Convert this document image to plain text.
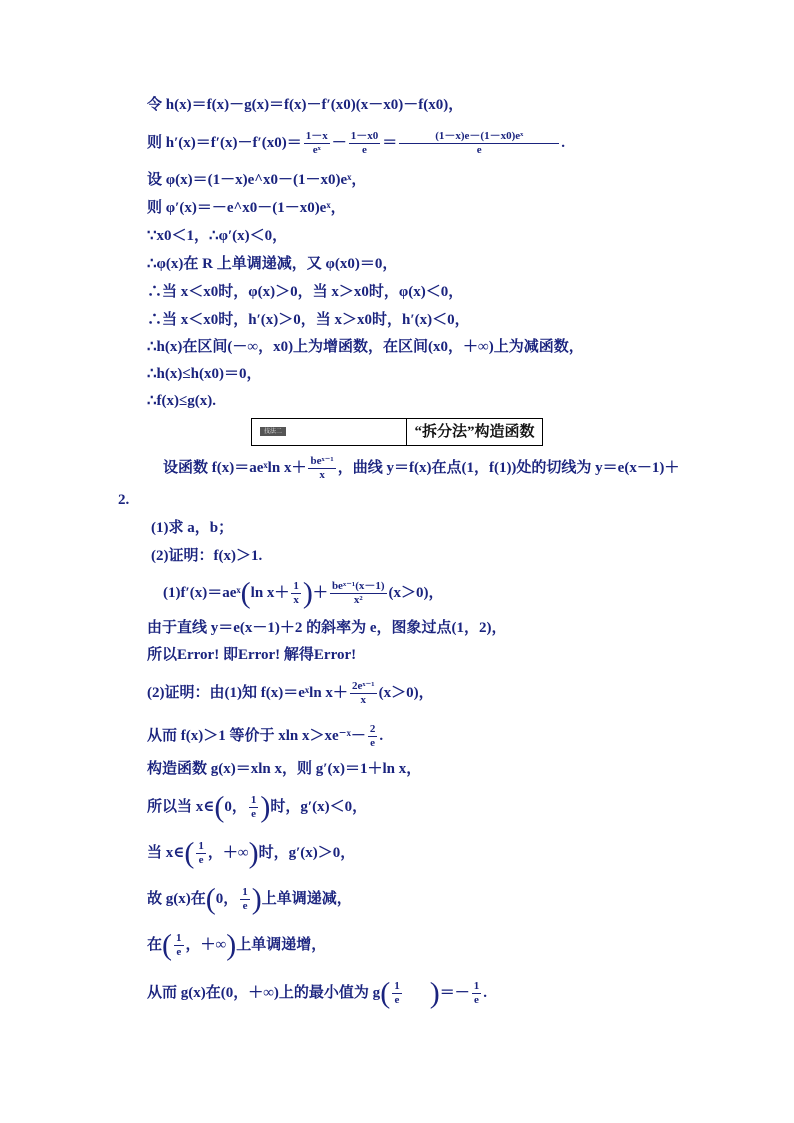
令 h(x)＝f(x)－g(x)＝f(x)－f′(x0)(x－x0)－f(x0)，
则 $h'(x)=f'(x)-f'(x0)= \frac{1-x}{\text{eˣ}} - \frac{1-x0}{e} = \frac{\text{(1－x)e－(1－x0)eˣ}}{e}$ .
设 φ(x)＝(1－x)e^x0－(1－x0)eˣ，
则 φ′(x)＝－e^x0－(1－x0)eˣ，
∵x0＜1，∴φ′(x)＜0，
∴φ(x)在 R 上单调递减，又 φ(x0)＝0，
∴当 x＜x0时，φ(x)＞0，当 x＞x0时，φ(x)＜0，
∴当 x＜x0时，h′(x)＞0，当 x＞x0时，h′(x)＜0，
∴h(x)在区间(－∞，x0)上为增函数，在区间(x0，＋∞)上为减函数，
∴h(x)≤h(x0)＝0，
∴f(x)≤g(x).
技法二	“拆分法”构造函数
设函数 f(x)＝aeˣln $x+ \frac{\text{beˣ⁻¹}}{x}$ ，曲线 y＝f(x)在点(1，f(1))处的切线为 y＝e(x－1)＋
2.
(1)求 a，b；
(2)证明：f(x)＞1.
(1)f′(x)＝aeˣ(ln $x+ \frac{1}{x}$ )＋ $\frac{\text{beˣ⁻¹(x－1)}}{\text{x²}} (x>0)$，
由于直线 y＝e(x－1)＋2 的斜率为 e，图象过点(1，2)，
所以Error! 即Error! 解得Error!
(2)证明：由(1)知 f(x)＝eˣln $x+ \frac{\text{2eˣ⁻¹}}{x} (x>0)$，
从而 f(x)＞1 等价于 xln x＞xe⁻ˣ－ $\frac{2}{e}$ .
构造函数 g(x)＝xln x，则 g′(x)＝1＋ln x，
所以当 x∈(0， $\frac{1}{e}$ )时，g′(x)＜0，
当 x∈( $\frac{1}{e}$ ，＋∞)时，g′(x)＞0，
故 g(x)在(0， $\frac{1}{e}$ )上单调递减，
在( $\frac{1}{e}$ ，＋∞)上单调递增，
从而 g(x)在(0，＋∞)上的最小值为 $g( \frac{1}{e}$ )＝－ $\frac{1}{e}$ .
